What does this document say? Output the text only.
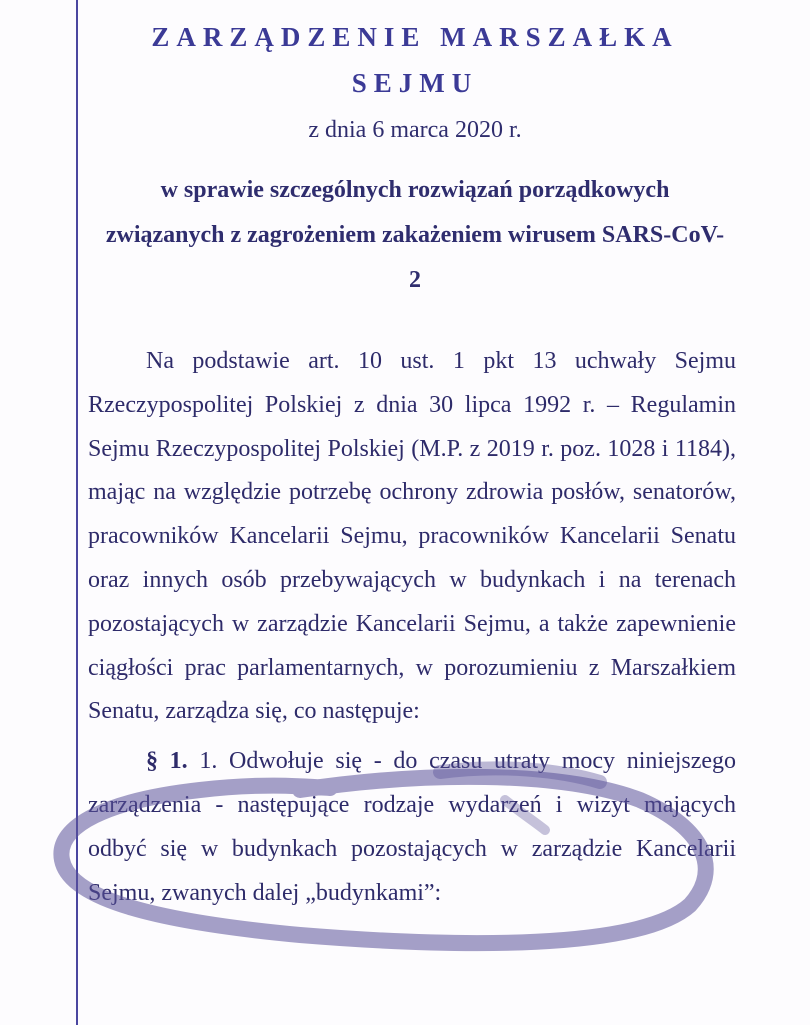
ZARZĄDZENIE MARSZAŁKA SEJMU
z dnia 6 marca 2020 r.
w sprawie szczególnych rozwiązań porządkowych związanych z zagrożeniem zakażeniem wirusem SARS-CoV-2

Na podstawie art. 10 ust. 1 pkt 13 uchwały Sejmu Rzeczypospolitej Polskiej z dnia 30 lipca 1992 r. – Regulamin Sejmu Rzeczypospolitej Polskiej (M.P. z 2019 r. poz. 1028 i 1184), mając na względzie potrzebę ochrony zdrowia posłów, senatorów, pracowników Kancelarii Sejmu, pracowników Kancelarii Senatu oraz innych osób przebywających w budynkach i na terenach pozostających w zarządzie Kancelarii Sejmu, a także zapewnienie ciągłości prac parlamentarnych, w porozumieniu z Marszałkiem Senatu, zarządza się, co następuje:

§ 1. 1. Odwołuje się - do czasu utraty mocy niniejszego zarządzenia - następujące rodzaje wydarzeń i wizyt mających odbyć się w budynkach pozostających w zarządzie Kancelarii Sejmu, zwanych dalej „budynkami”:
